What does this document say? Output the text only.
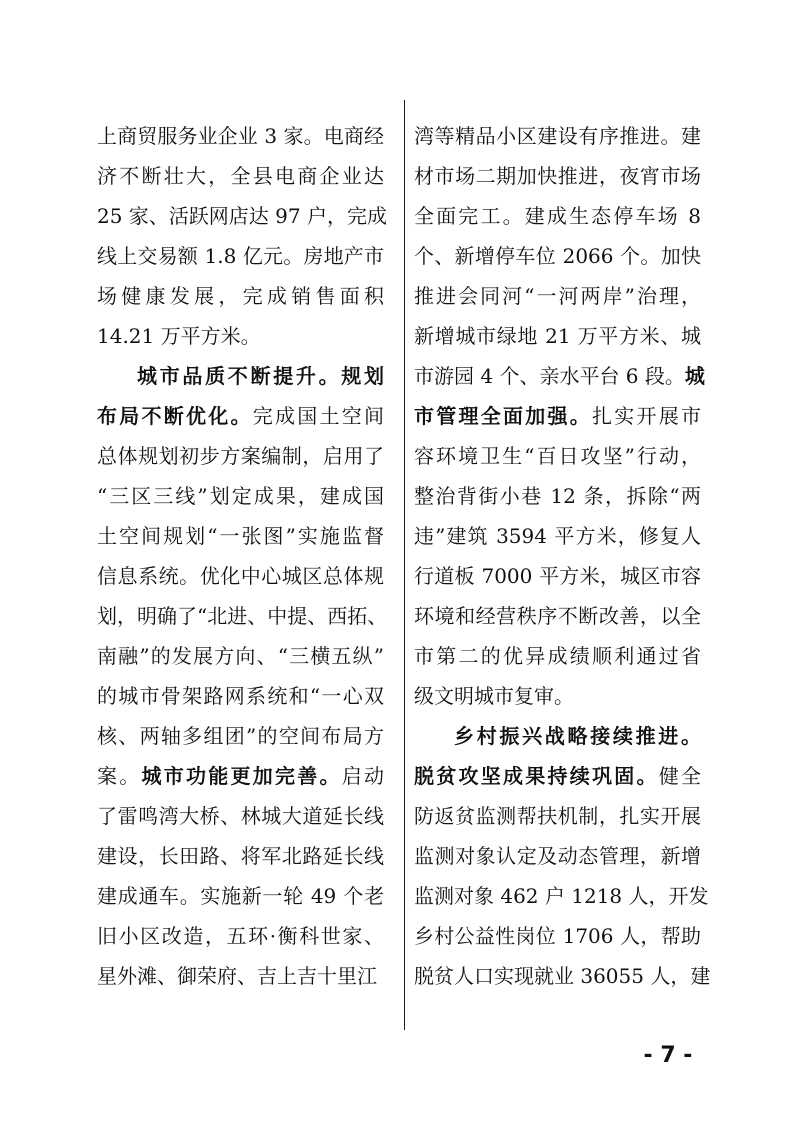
上商贸服务业企业 3 家。电商经
济不断壮大，全县电商企业达
25 家、活跃网店达 97 户，完成
线上交易额 1.8 亿元。房地产市
场健康发展，完成销售面积
14.21 万平方米。
城市品质不断提升。规划
布局不断优化。完成国土空间
总体规划初步方案编制，启用了
“三区三线”划定成果，建成国
土空间规划“一张图”实施监督
信息系统。优化中心城区总体规
划，明确了“北进、中提、西拓、
南融”的发展方向、“三横五纵”
的城市骨架路网系统和“一心双
核、两轴多组团”的空间布局方
案。城市功能更加完善。启动
了雷鸣湾大桥、林城大道延长线
建设，长田路、将军北路延长线
建成通车。实施新一轮 49 个老
旧小区改造，五环·衡科世家、
星外滩、御荣府、吉上吉十里江
湾等精品小区建设有序推进。建
材市场二期加快推进，夜宵市场
全面完工。建成生态停车场 8
个、新增停车位 2066 个。加快
推进会同河“一河两岸”治理，
新增城市绿地 21 万平方米、城
市游园 4 个、亲水平台 6 段。城
市管理全面加强。扎实开展市
容环境卫生“百日攻坚”行动，
整治背街小巷 12 条，拆除“两
违”建筑 3594 平方米，修复人
行道板 7000 平方米，城区市容
环境和经营秩序不断改善，以全
市第二的优异成绩顺利通过省
级文明城市复审。
乡村振兴战略接续推进。
脱贫攻坚成果持续巩固。健全
防返贫监测帮扶机制，扎实开展
监测对象认定及动态管理，新增
监测对象 462 户 1218 人，开发
乡村公益性岗位 1706 人，帮助
脱贫人口实现就业 36055 人，建
- 7 -
